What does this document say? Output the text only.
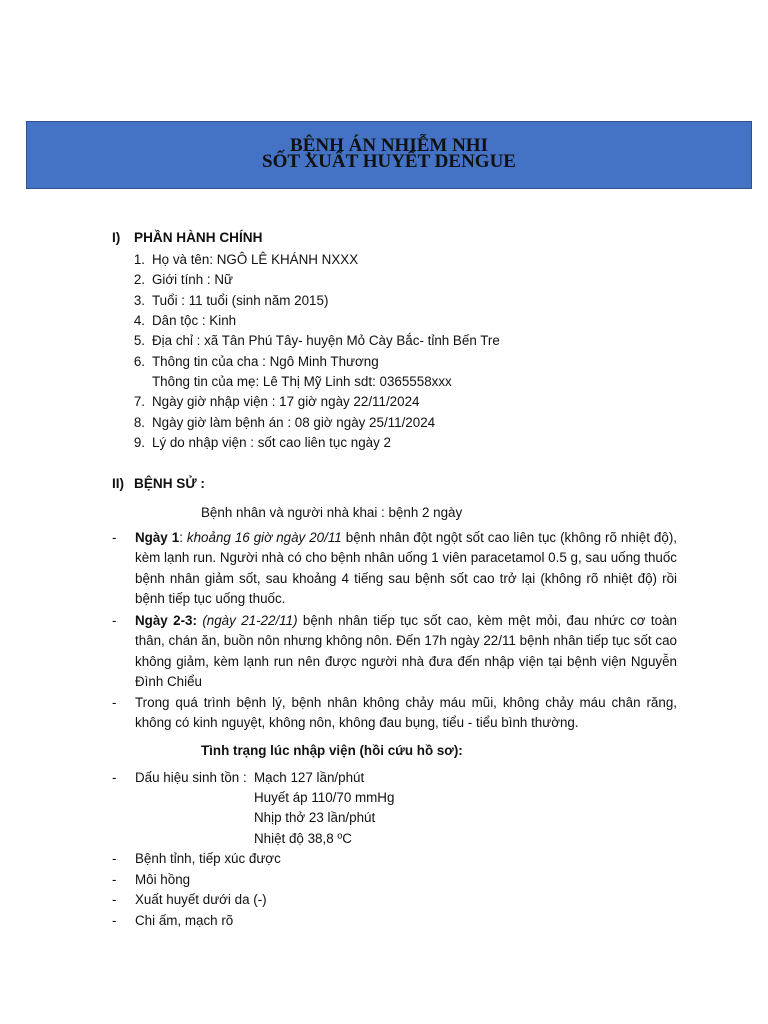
BỆNH ÁN NHIỄM NHI
SỐT XUẤT HUYẾT DENGUE
I) PHẦN HÀNH CHÍNH
1. Họ và tên: NGÔ LÊ KHÁNH NXXX
2. Giới tính : Nữ
3. Tuổi : 11 tuổi (sinh năm 2015)
4. Dân tộc : Kinh
5. Địa chỉ : xã Tân Phú Tây- huyện Mỏ Cày Bắc- tỉnh Bến Tre
6. Thông tin của cha : Ngô Minh Thương
Thông tin của mẹ: Lê Thị Mỹ Linh sdt: 0365558xxx
7. Ngày giờ nhập viện : 17 giờ ngày 22/11/2024
8. Ngày giờ làm bệnh án : 08 giờ ngày 25/11/2024
9. Lý do nhập viện : sốt cao liên tục ngày 2
II) BỆNH SỬ :
Bệnh nhân và người nhà khai : bệnh 2 ngày
- Ngày 1: khoảng 16 giờ ngày 20/11 bệnh nhân đột ngột sốt cao liên tục (không rõ nhiệt độ), kèm lạnh run. Người nhà có cho bệnh nhân uống 1 viên paracetamol 0.5 g, sau uống thuốc bệnh nhân giảm sốt, sau khoảng 4 tiếng sau bệnh sốt cao trở lại (không rõ nhiệt độ) rồi bệnh tiếp tục uống thuốc.
- Ngày 2-3: (ngày 21-22/11) bệnh nhân tiếp tục sốt cao, kèm mệt mỏi, đau nhức cơ toàn thân, chán ăn, buồn nôn nhưng không nôn. Đến 17h ngày 22/11 bệnh nhân tiếp tục sốt cao không giảm, kèm lạnh run nên được người nhà đưa đến nhập viện tại bệnh viện Nguyễn Đình Chiểu
- Trong quá trình bệnh lý, bệnh nhân không chảy máu mũi, không chảy máu chân răng, không có kinh nguyệt, không nôn, không đau bụng, tiểu - tiểu bình thường.
Tình trạng lúc nhập viện (hồi cứu hồ sơ):
- Dấu hiệu sinh tồn : Mạch 127 lần/phút
Huyết áp 110/70 mmHg
Nhịp thở 23 lần/phút
Nhiệt độ 38,8 ºC
- Bệnh tỉnh, tiếp xúc được
- Môi hồng
- Xuất huyết dưới da (-)
- Chi ấm, mạch rõ
